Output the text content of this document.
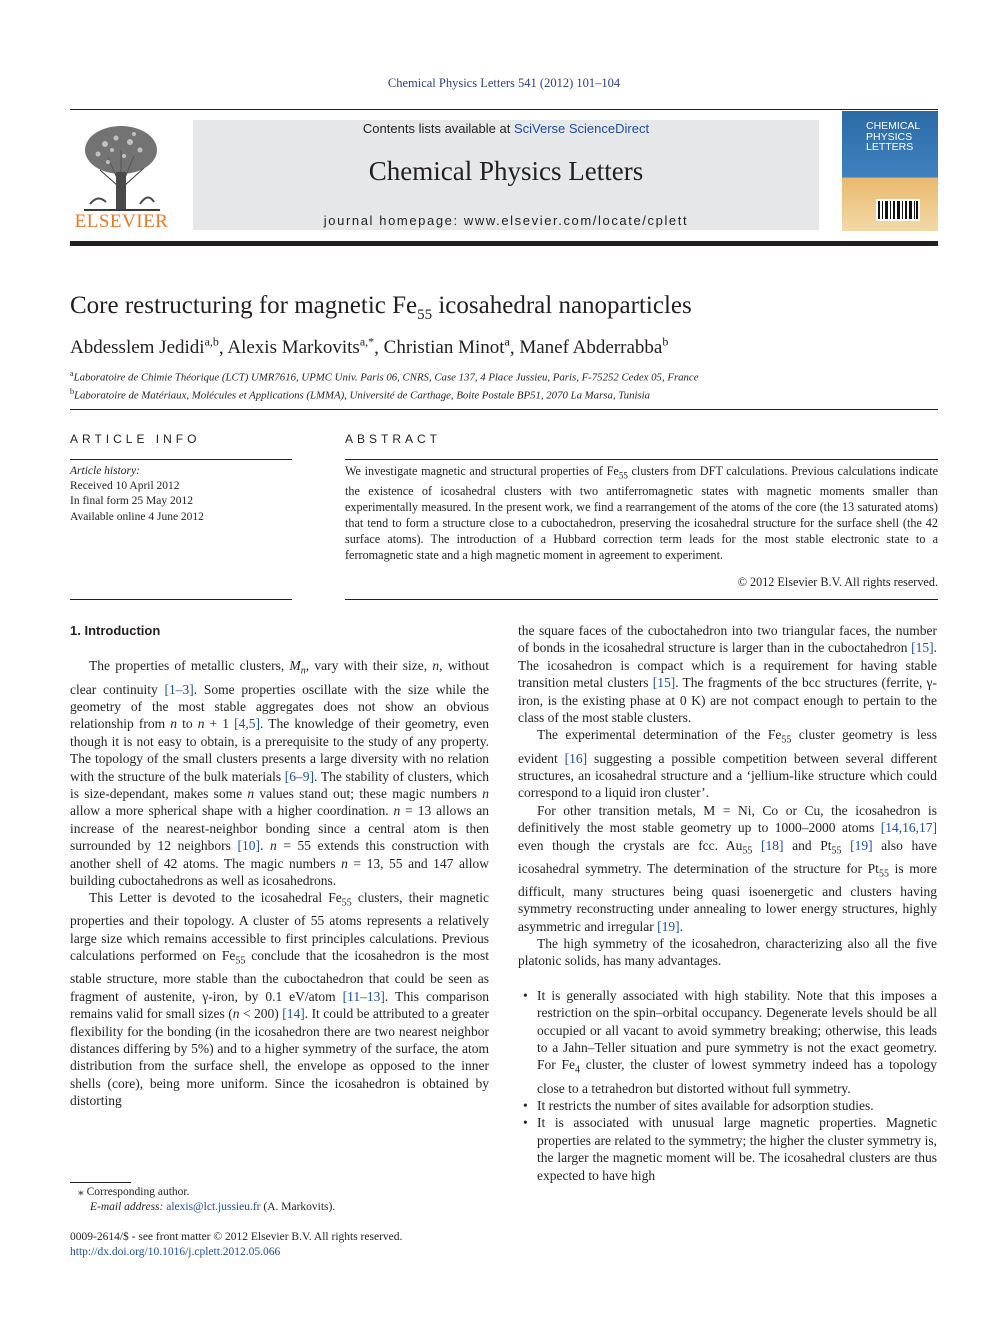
Chemical Physics Letters 541 (2012) 101–104
ELSEVIER
Contents lists available at SciVerse ScienceDirect
Chemical Physics Letters
journal homepage: www.elsevier.com/locate/cplett
CHEMICAL
PHYSICS
LETTERS
Core restructuring for magnetic $Fe_{55}$ icosahedral nanoparticles
Abdesslem Jedidi$^{a,b}$, Alexis Markovits$^{a,*}$, Christian Minot$^a$, Manef Abderrabba$^b$
$^a$Laboratoire de Chimie Théorique (LCT) UMR7616, UPMC Univ. Paris 06, CNRS, Case 137, 4 Place Jussieu, Paris, F-75252 Cedex 05, France
$^b$Laboratoire de Matériaux, Molécules et Applications (LMMA), Université de Carthage, Boite Postale BP51, 2070 La Marsa, Tunisia
ARTICLE INFO	ABSTRACT
Article history:
Received 10 April 2012
In final form 25 May 2012
Available online 4 June 2012
We investigate magnetic and structural properties of $Fe_{55}$ clusters from DFT calculations. Previous calculations indicate the existence of icosahedral clusters with two antiferromagnetic states with magnetic moments smaller than experimentally measured. In the present work, we find a rearrangement of the atoms of the core (the 13 saturated atoms) that tend to form a structure close to a cuboctahedron, preserving the icosahedral structure for the surface shell (the 42 surface atoms). The introduction of a Hubbard correction term leads for the most stable electronic state to a ferromagnetic state and a high magnetic moment in agreement to experiment.
© 2012 Elsevier B.V. All rights reserved.
1. Introduction

The properties of metallic clusters, $M_n$, vary with their size, n, without clear continuity [1–3]. Some properties oscillate with the size while the geometry of the most stable aggregates does not show an obvious relationship from n to n + 1 [4,5]. The knowledge of their geometry, even though it is not easy to obtain, is a prerequisite to the study of any property. The topology of the small clusters presents a large diversity with no relation with the structure of the bulk materials [6–9]. The stability of clusters, which is size-dependant, makes some n values stand out; these magic numbers n allow a more spherical shape with a higher coordination. n = 13 allows an increase of the nearest-neighbor bonding since a central atom is then surrounded by 12 neighbors [10]. n = 55 extends this construction with another shell of 42 atoms. The magic numbers n = 13, 55 and 147 allow building cuboctahedrons as well as icosahedrons.

This Letter is devoted to the icosahedral $Fe_{55}$ clusters, their magnetic properties and their topology. A cluster of 55 atoms represents a relatively large size which remains accessible to first principles calculations. Previous calculations performed on $Fe_{55}$ conclude that the icosahedron is the most stable structure, more stable than the cuboctahedron that could be seen as fragment of austenite, γ-iron, by 0.1 eV/atom [11–13]. This comparison remains valid for small sizes (n < 200) [14]. It could be attributed to a greater flexibility for the bonding (in the icosahedron there are two nearest neighbor distances differing by 5%) and to a higher symmetry of the surface, the atom distribution from the surface shell, the envelope as opposed to the inner shells (core), being more uniform. Since the icosahedron is obtained by distorting

the square faces of the cuboctahedron into two triangular faces, the number of bonds in the icosahedral structure is larger than in the cuboctahedron [15]. The icosahedron is compact which is a requirement for having stable transition metal clusters [15]. The fragments of the bcc structures (ferrite, γ-iron, is the existing phase at 0 K) are not compact enough to pertain to the class of the most stable clusters.

The experimental determination of the $Fe_{55}$ cluster geometry is less evident [16] suggesting a possible competition between several different structures, an icosahedral structure and a ‘jellium-like structure which could correspond to a liquid iron cluster’.

For other transition metals, M = Ni, Co or Cu, the icosahedron is definitively the most stable geometry up to 1000–2000 atoms [14,16,17] even though the crystals are fcc. $Au_{55}$ [18] and $Pt_{55}$ [19] also have icosahedral symmetry. The determination of the structure for $Pt_{55}$ is more difficult, many structures being quasi isoenergetic and clusters having symmetry reconstructing under annealing to lower energy structures, highly asymmetric and irregular [19].

The high symmetry of the icosahedron, characterizing also all the five platonic solids, has many advantages.

• It is generally associated with high stability. Note that this imposes a restriction on the spin–orbital occupancy. Degenerate levels should be all occupied or all vacant to avoid symmetry breaking; otherwise, this leads to a Jahn–Teller situation and pure symmetry is not the exact geometry. For $Fe_4$ cluster, the cluster of lowest symmetry indeed has a topology close to a tetrahedron but distorted without full symmetry.
• It restricts the number of sites available for adsorption studies.
• It is associated with unusual large magnetic properties. Magnetic properties are related to the symmetry; the higher the cluster symmetry is, the larger the magnetic moment will be. The icosahedral clusters are thus expected to have high
⁎ Corresponding author.
E-mail address: alexis@lct.jussieu.fr (A. Markovits).
0009-2614/$ - see front matter © 2012 Elsevier B.V. All rights reserved.
http://dx.doi.org/10.1016/j.cplett.2012.05.066
